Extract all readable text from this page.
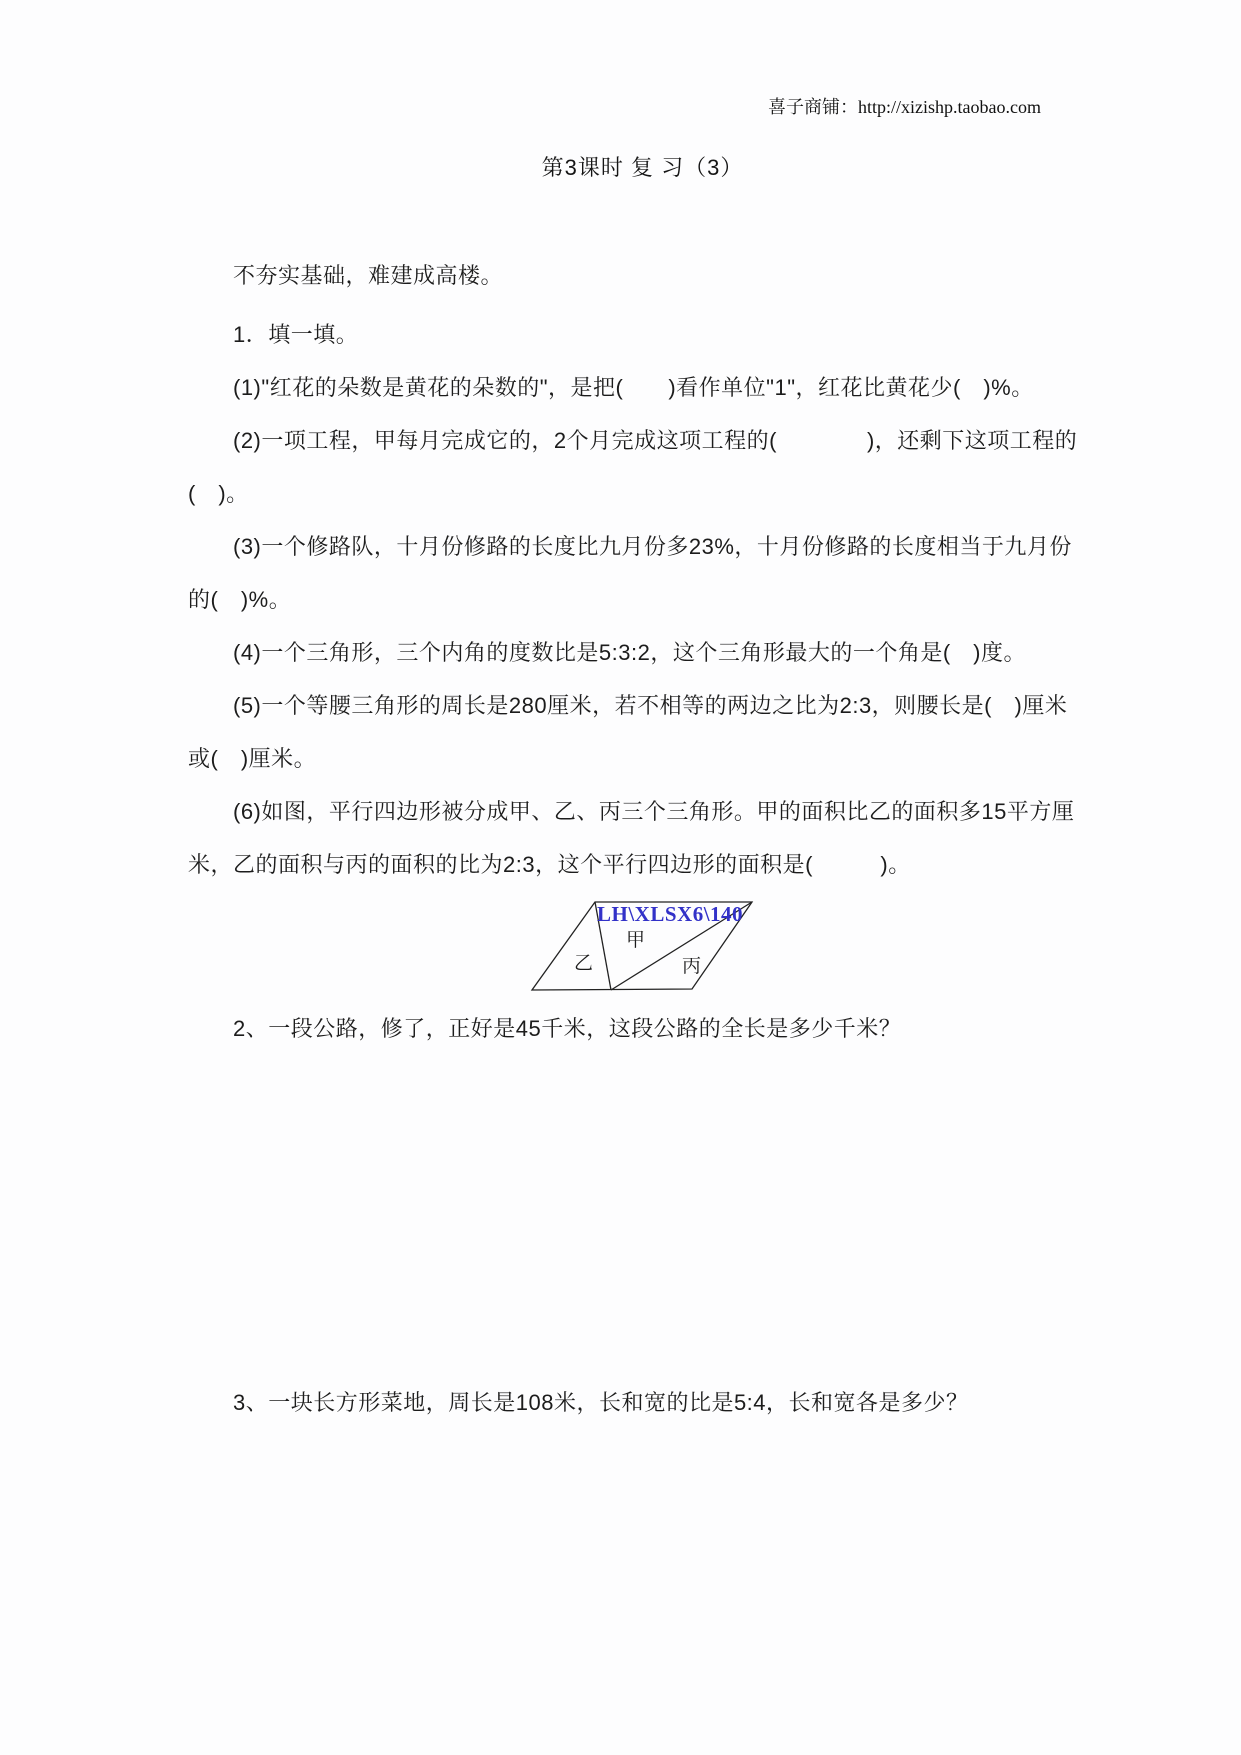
喜子商铺：http://xizishp.taobao.com
第3课时 复 习（3）
不夯实基础，难建成高楼。
1．填一填。
(1)"红花的朵数是黄花的朵数的"，是把(　　)看作单位"1"，红花比黄花少(　)%。
(2)一项工程，甲每月完成它的，2个月完成这项工程的(　　　　)，还剩下这项工程的
(　)。
(3)一个修路队，十月份修路的长度比九月份多23%，十月份修路的长度相当于九月份
的(　)%。
(4)一个三角形，三个内角的度数比是5:3:2，这个三角形最大的一个角是(　)度。
(5)一个等腰三角形的周长是280厘米，若不相等的两边之比为2:3，则腰长是(　)厘米
或(　)厘米。
(6)如图，平行四边形被分成甲、乙、丙三个三角形。甲的面积比乙的面积多15平方厘
米，乙的面积与丙的面积的比为2:3，这个平行四边形的面积是(　　　)。
甲
乙	丙
LH\XLSX6\140
2、一段公路，修了，正好是45千米，这段公路的全长是多少千米？
3、一块长方形菜地，周长是108米，长和宽的比是5:4，长和宽各是多少？
